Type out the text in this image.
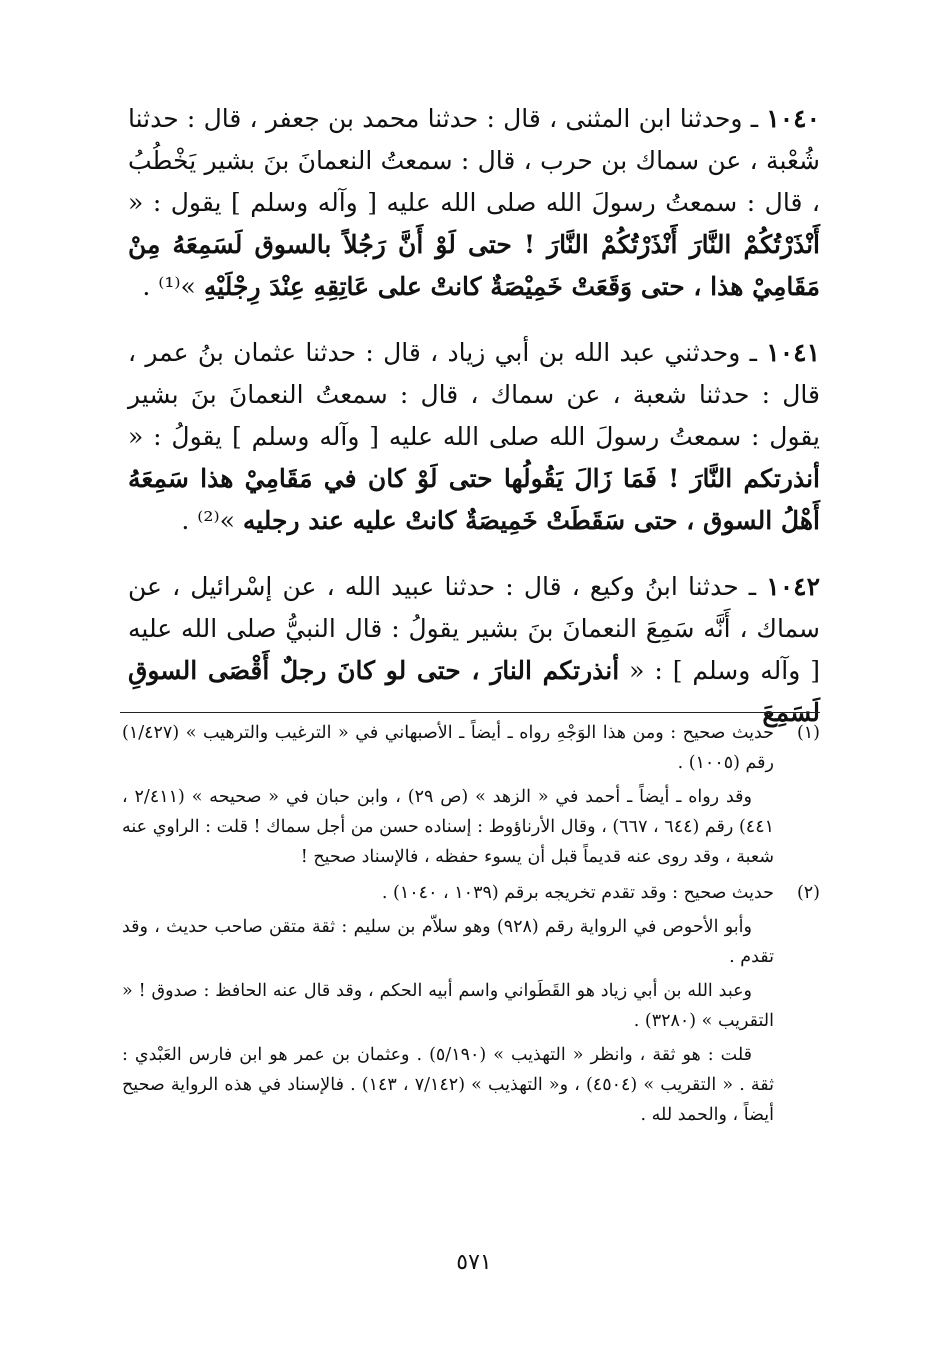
١٠٤٠ ـ وحدثنا ابن المثنى ، قال : حدثنا محمد بن جعفر ، قال : حدثنا شُعْبة ، عن سماك بن حرب ، قال : سمعتُ النعمانَ بنَ بشير يَخْطُبُ ، قال : سمعتُ رسولَ الله صلى الله عليه [ وآله وسلم ] يقول : « أَنْذَرْتُكُمْ النَّارَ أَنْذَرْتُكُمْ النَّارَ ! حتى لَوْ أَنَّ رَجُلاً بالسوق لَسَمِعَهُ مِنْ مَقَامِيْ هذا ، حتى وَقَعَتْ خَمِيْصَةٌ كانتْ على عَاتِقِهِ عِنْدَ رِجْلَيْهِ »⁽¹⁾ .

١٠٤١ ـ وحدثني عبد الله بن أبي زياد ، قال : حدثنا عثمان بنُ عمر ، قال : حدثنا شعبة ، عن سماك ، قال : سمعتُ النعمانَ بنَ بشير يقول : سمعتُ رسولَ الله صلى الله عليه [ وآله وسلم ] يقولُ : « أنذرتكم النَّارَ ! فَمَا زَالَ يَقُولُها حتى لَوْ كان في مَقَامِيْ هذا سَمِعَهُ أَهْلُ السوق ، حتى سَقَطَتْ خَمِيصَةٌ كانتْ عليه عند رجليه »⁽²⁾ .

١٠٤٢ ـ حدثنا ابنُ وكيع ، قال : حدثنا عبيد الله ، عن إسْرائيل ، عن سماك ، أَنَّه سَمِعَ النعمانَ بنَ بشير يقولُ : قال النبيُّ صلى الله عليه [ وآله وسلم ] : « أنذرتكم النارَ ، حتى لو كانَ رجلٌ أَقْصَى السوقِ لَسَمِعَ

(١)

حديث صحيح : ومن هذا الوَجْهِ رواه ـ أيضاً ـ الأصبهاني في « الترغيب والترهيب » (١/٤٢٧) رقم (١٠٠٥) .

وقد رواه ـ أيضاً ـ أحمد في « الزهد » (ص ٢٩) ، وابن حبان في « صحيحه » (٢/٤١١ ، ٤٤١) رقم (٦٤٤ ، ٦٦٧) ، وقال الأرناؤوط : إسناده حسن من أجل سماك ! قلت : الراوي عنه شعبة ، وقد روى عنه قديماً قبل أن يسوء حفظه ، فالإسناد صحيح !

(٢)

حديث صحيح : وقد تقدم تخريجه برقم (١٠٣٩ ، ١٠٤٠) .

وأبو الأحوص في الرواية رقم (٩٢٨) وهو سلاّم بن سليم : ثقة متقن صاحب حديث ، وقد تقدم .

وعبد الله بن أبي زياد هو القَطَواني واسم أبيه الحكم ، وقد قال عنه الحافظ : صدوق ! « التقريب » (٣٢٨٠) .

قلت : هو ثقة ، وانظر « التهذيب » (٥/١٩٠) . وعثمان بن عمر هو ابن فارس العَبْدي : ثقة . « التقريب » (٤٥٠٤) ، و« التهذيب » (٧/١٤٢ ، ١٤٣) . فالإسناد في هذه الرواية صحيح أيضاً ، والحمد لله .

٥٧١
